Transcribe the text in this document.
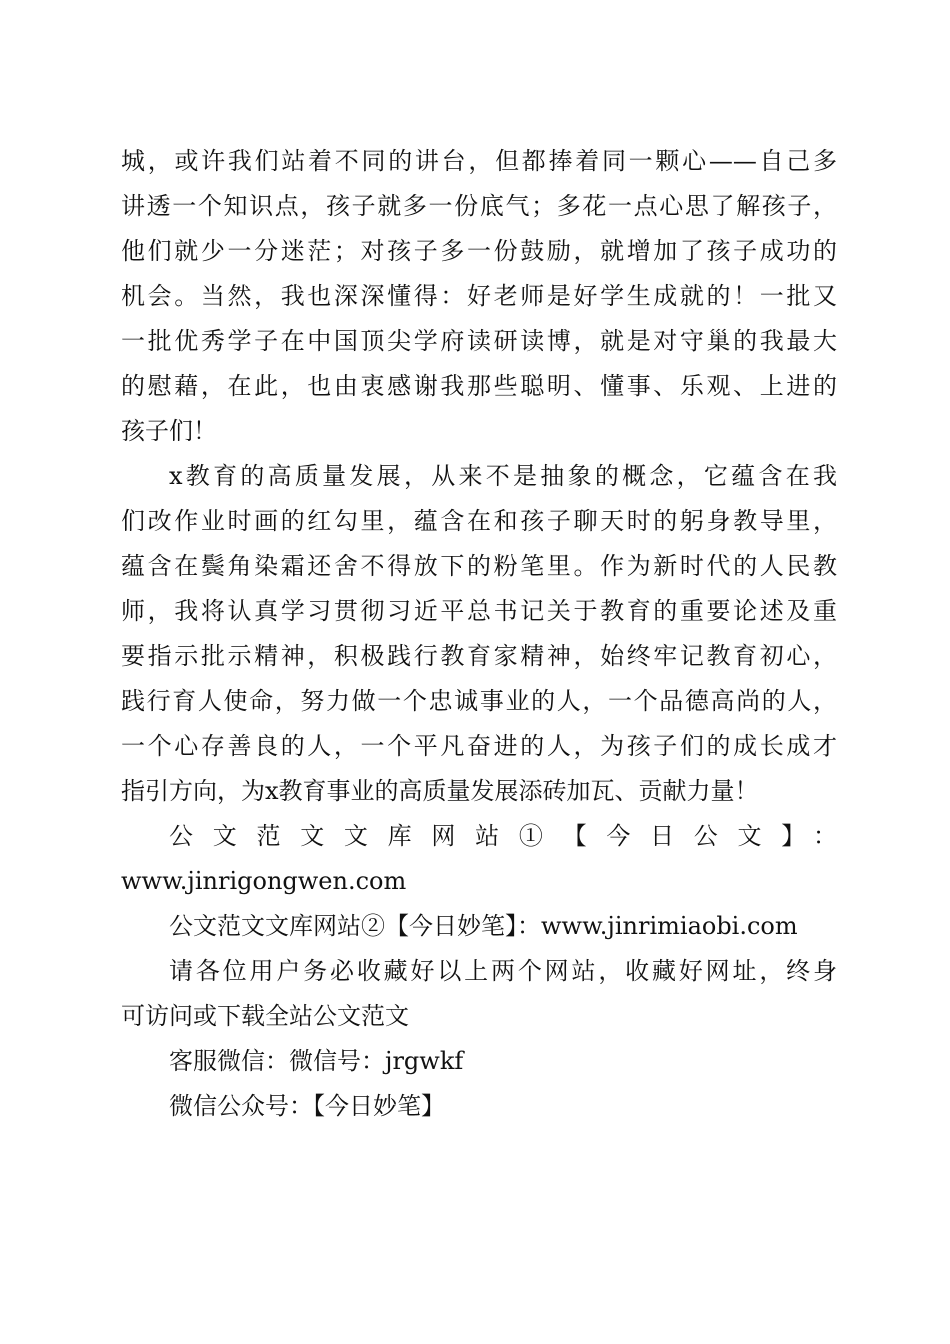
城，或许我们站着不同的讲台，但都捧着同一颗心——自己多
讲透一个知识点，孩子就多一份底气；多花一点心思了解孩子，
他们就少一分迷茫；对孩子多一份鼓励，就增加了孩子成功的
机会。当然，我也深深懂得：好老师是好学生成就的！一批又
一批优秀学子在中国顶尖学府读研读博，就是对守巢的我最大
的慰藉，在此，也由衷感谢我那些聪明、懂事、乐观、上进的
孩子们！
x教育的高质量发展，从来不是抽象的概念，它蕴含在我
们改作业时画的红勾里，蕴含在和孩子聊天时的躬身教导里，
蕴含在鬓角染霜还舍不得放下的粉笔里。作为新时代的人民教
师，我将认真学习贯彻习近平总书记关于教育的重要论述及重
要指示批示精神，积极践行教育家精神，始终牢记教育初心，
践行育人使命，努力做一个忠诚事业的人，一个品德高尚的人，
一个心存善良的人，一个平凡奋进的人，为孩子们的成长成才
指引方向，为x教育事业的高质量发展添砖加瓦、贡献力量！
公文范文文库网站①【今日公文】：
www.jinrigongwen.com
公文范文文库网站②【今日妙笔】：www.jinrimiaobi.com
请各位用户务必收藏好以上两个网站，收藏好网址，终身
可访问或下载全站公文范文
客服微信：微信号：jrgwkf
微信公众号：【今日妙笔】
